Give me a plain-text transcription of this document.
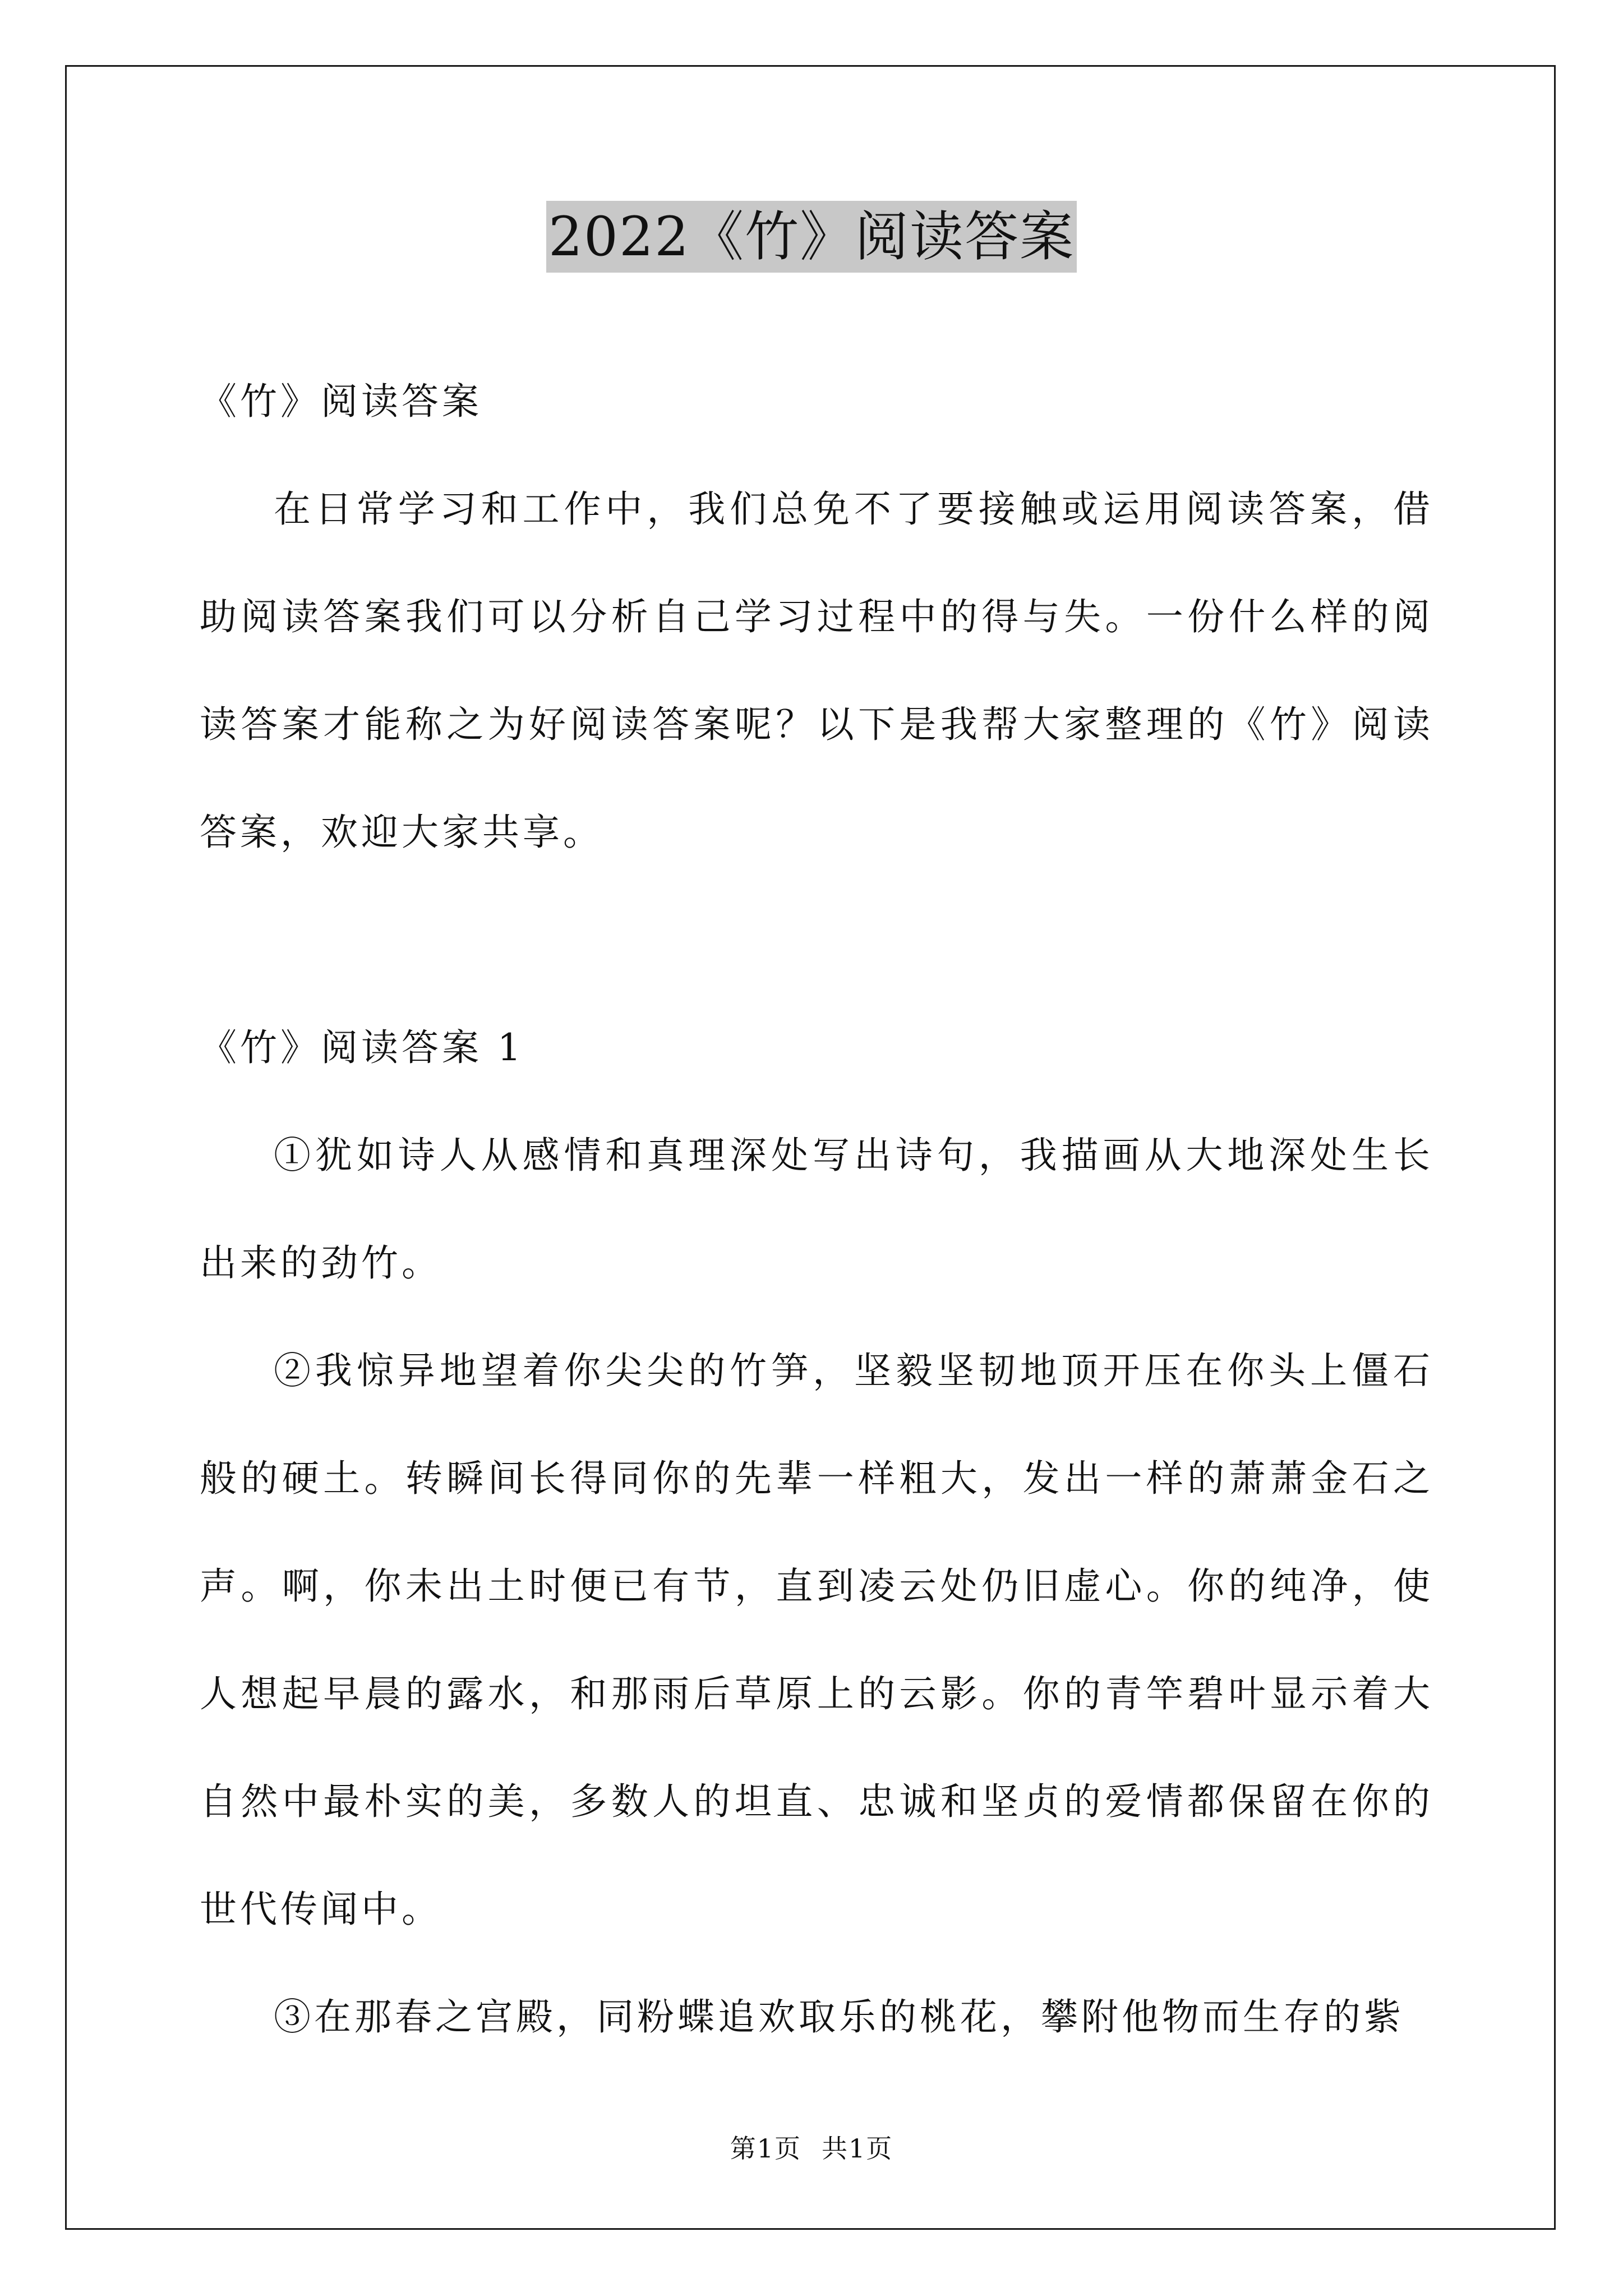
2022《竹》阅读答案

《竹》阅读答案

在日常学习和工作中，我们总免不了要接触或运用阅读答案，借助阅读答案我们可以分析自己学习过程中的得与失。一份什么样的阅读答案才能称之为好阅读答案呢？以下是我帮大家整理的《竹》阅读答案，欢迎大家共享。

《竹》阅读答案 1

①犹如诗人从感情和真理深处写出诗句，我描画从大地深处生长出来的劲竹。

②我惊异地望着你尖尖的竹笋，坚毅坚韧地顶开压在你头上僵石般的硬土。转瞬间长得同你的先辈一样粗大，发出一样的萧萧金石之声。啊，你未出土时便已有节，直到凌云处仍旧虚心。你的纯净，使人想起早晨的露水，和那雨后草原上的云影。你的青竿碧叶显示着大自然中最朴实的美，多数人的坦直、忠诚和坚贞的爱情都保留在你的世代传闻中。

③在那春之宫殿，同粉蝶追欢取乐的桃花，攀附他物而生存的紫

第1页 共1页
